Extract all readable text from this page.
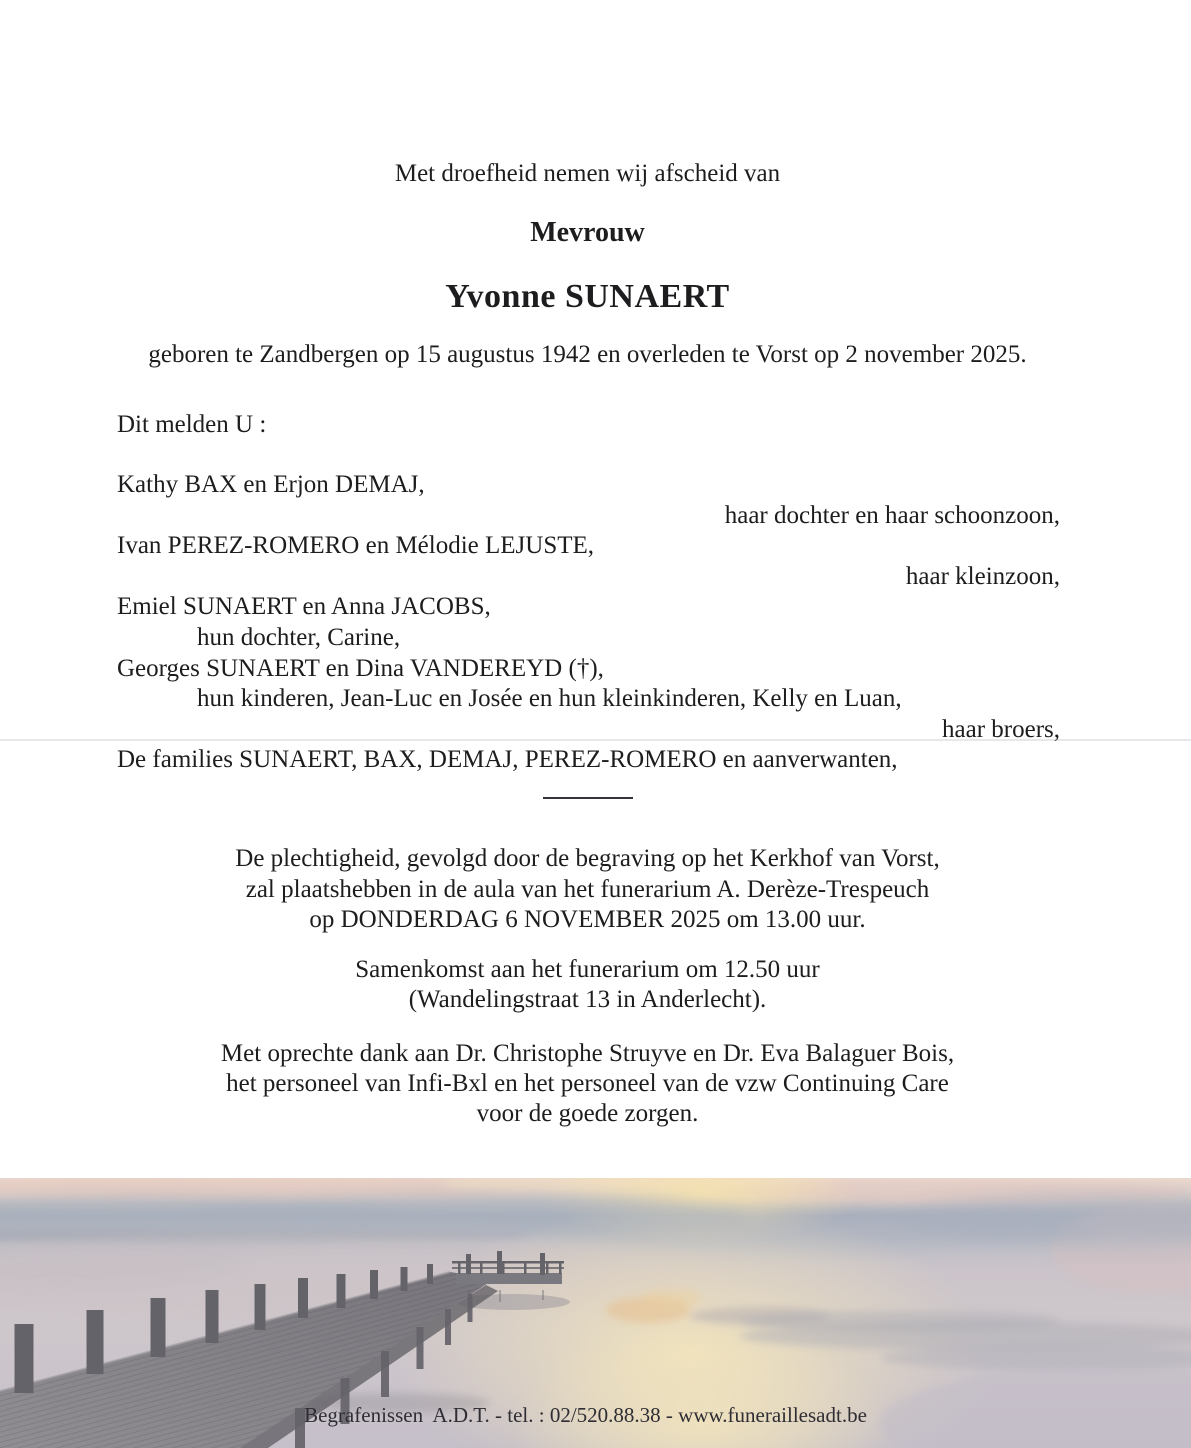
Met droefheid nemen wij afscheid van
Mevrouw
Yvonne SUNAERT
geboren te Zandbergen op 15 augustus 1942 en overleden te Vorst op 2 november 2025.
Dit melden U :
Kathy BAX en Erjon DEMAJ,
haar dochter en haar schoonzoon,
Ivan PEREZ-ROMERO en Mélodie LEJUSTE,
haar kleinzoon,
Emiel SUNAERT en Anna JACOBS,
hun dochter, Carine,
Georges SUNAERT en Dina VANDEREYD (†),
hun kinderen, Jean-Luc en Josée en hun kleinkinderen, Kelly en Luan,
haar broers,
De families SUNAERT, BAX, DEMAJ, PEREZ-ROMERO en aanverwanten,
De plechtigheid, gevolgd door de begraving op het Kerkhof van Vorst,
zal plaatshebben in de aula van het funerarium A. Derèze-Trespeuch
op DONDERDAG 6 NOVEMBER 2025 om 13.00 uur.
Samenkomst aan het funerarium om 12.50 uur
(Wandelingstraat 13 in Anderlecht).
Met oprechte dank aan Dr. Christophe Struyve en Dr. Eva Balaguer Bois,
het personeel van Infi-Bxl en het personeel van de vzw Continuing Care
voor de goede zorgen.
Begrafenissen  A.D.T. - tel. : 02/520.88.38 - www.funeraillesadt.be
